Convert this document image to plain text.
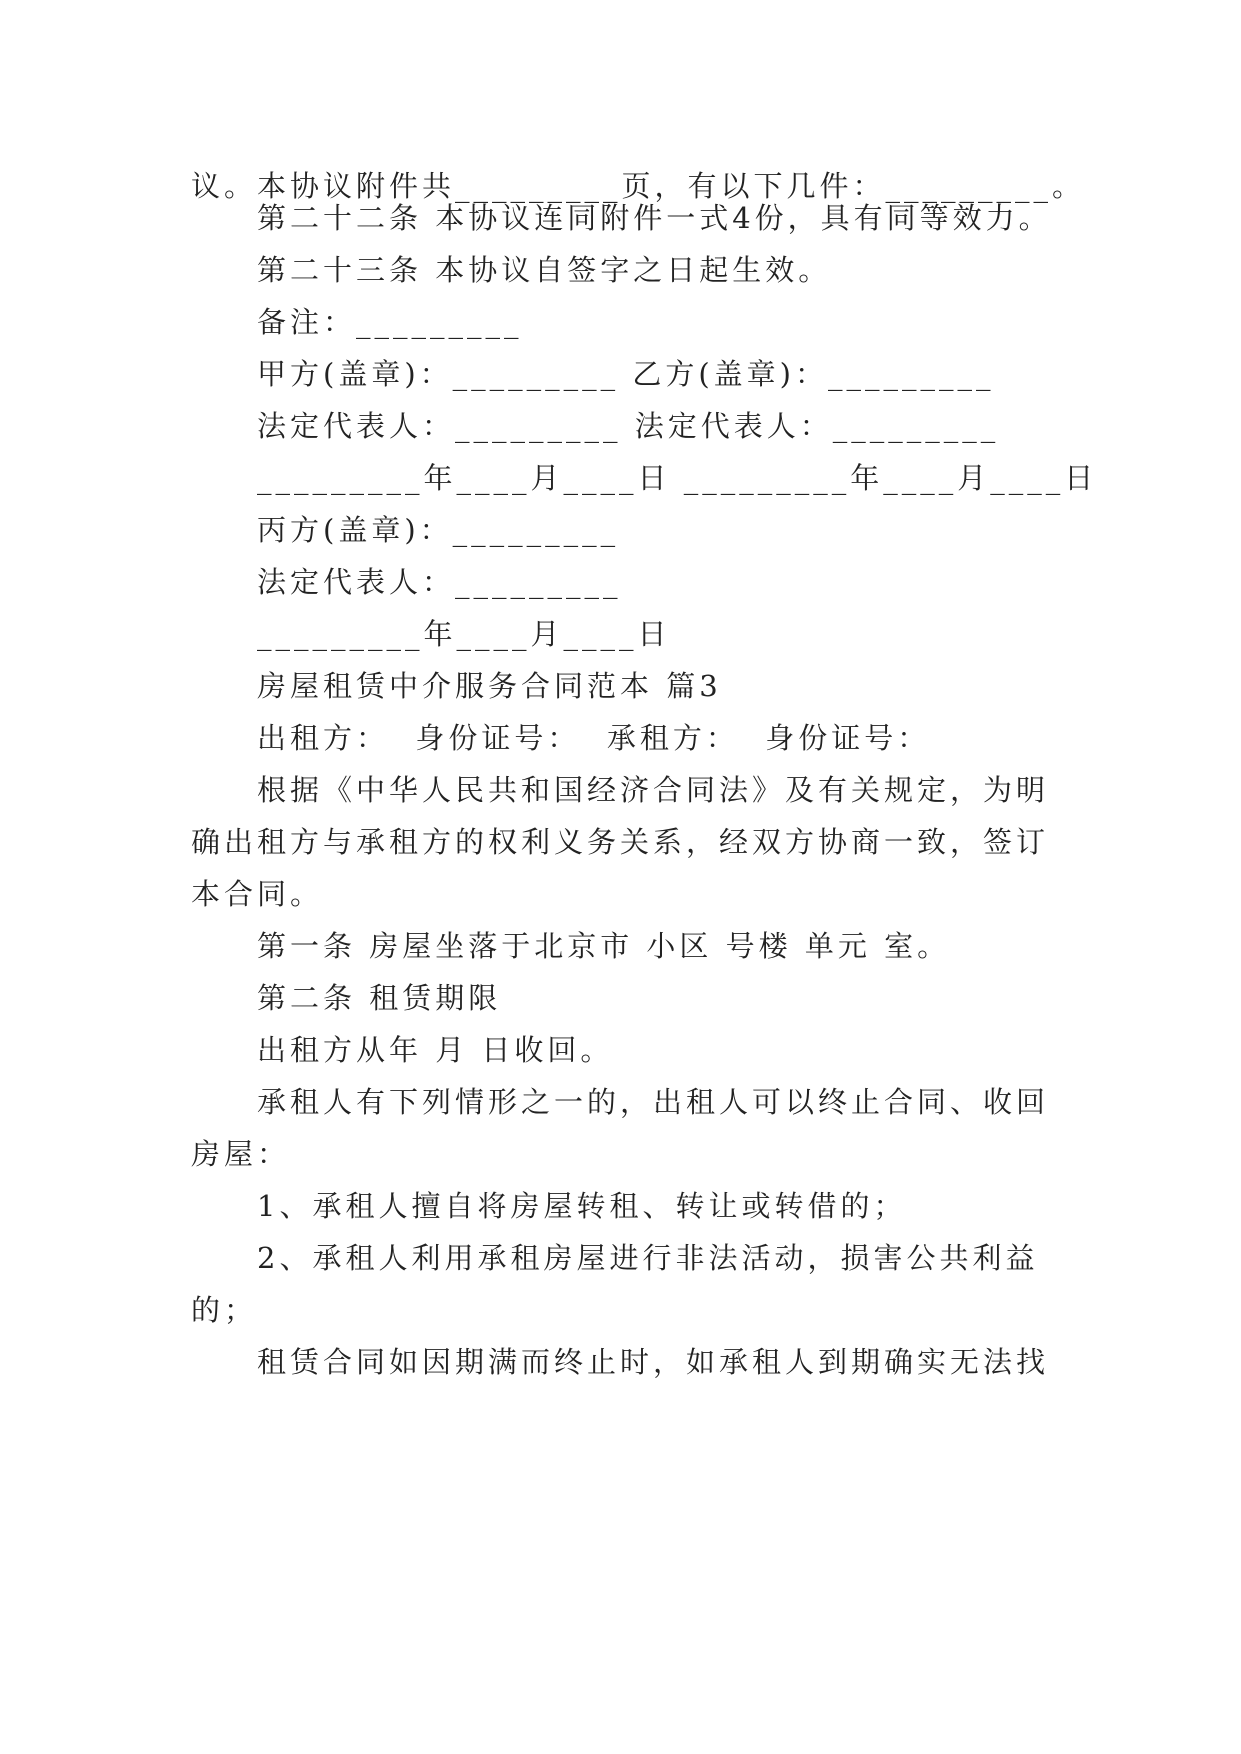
议。本协议附件共_________页，有以下几件：_________。
第二十二条 本协议连同附件一式4份，具有同等效力。
第二十三条 本协议自签字之日起生效。
备注：_________
甲方(盖章)：_________ 乙方(盖章)：_________
法定代表人：_________ 法定代表人：_________
_________年____月____日 _________年____月____日
丙方(盖章)：_________
法定代表人：_________
_________年____月____日
房屋租赁中介服务合同范本 篇3
出租方：  身份证号：  承租方：  身份证号：
根据《中华人民共和国经济合同法》及有关规定，为明
确出租方与承租方的权利义务关系，经双方协商一致，签订
本合同。
第一条 房屋坐落于北京市 小区 号楼 单元 室。
第二条 租赁期限
出租方从年 月 日收回。
承租人有下列情形之一的，出租人可以终止合同、收回
房屋：
1、承租人擅自将房屋转租、转让或转借的；
2、承租人利用承租房屋进行非法活动，损害公共利益
的；
租赁合同如因期满而终止时，如承租人到期确实无法找
